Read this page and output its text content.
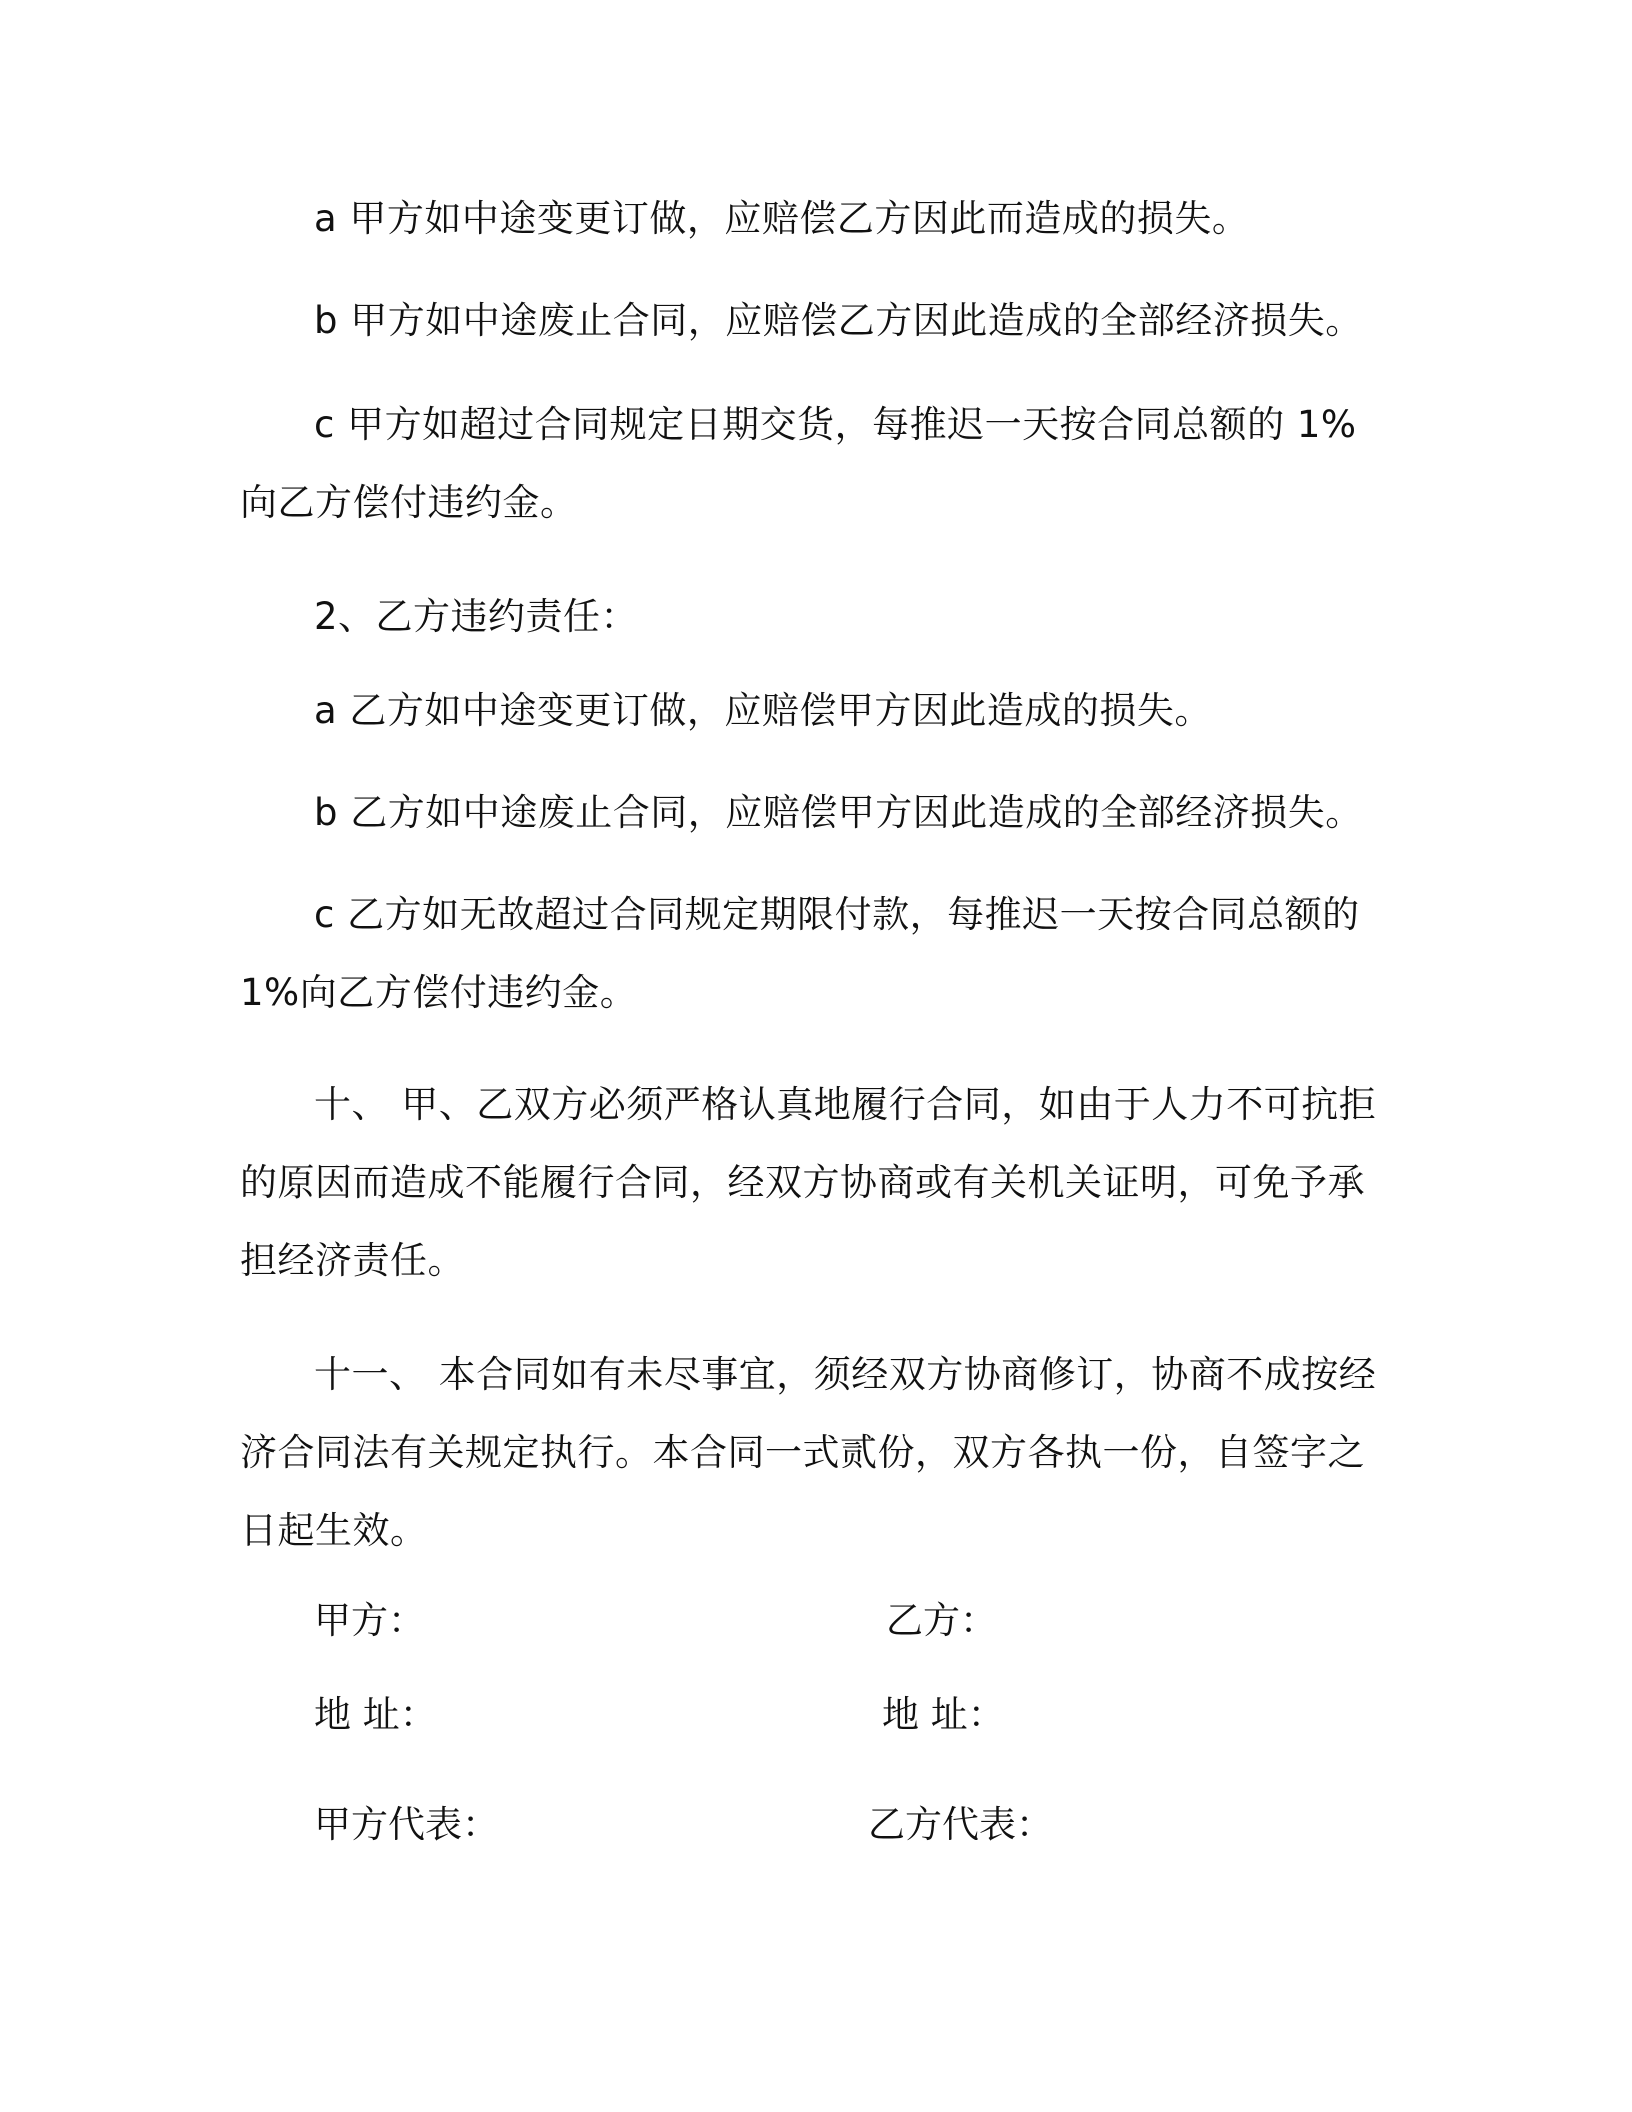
a 甲方如中途变更订做，应赔偿乙方因此而造成的损失。
b 甲方如中途废止合同，应赔偿乙方因此造成的全部经济损失。
c 甲方如超过合同规定日期交货，每推迟一天按合同总额的 1%向乙方偿付违约金。
2、乙方违约责任：
a 乙方如中途变更订做，应赔偿甲方因此造成的损失。
b 乙方如中途废止合同，应赔偿甲方因此造成的全部经济损失。
c 乙方如无故超过合同规定期限付款，每推迟一天按合同总额的 1%向乙方偿付违约金。
十、 甲、乙双方必须严格认真地履行合同，如由于人力不可抗拒的原因而造成不能履行合同，经双方协商或有关机关证明，可免予承担经济责任。
十一、 本合同如有未尽事宜，须经双方协商修订，协商不成按经济合同法有关规定执行。本合同一式贰份，双方各执一份，自签字之日起生效。
甲方：	乙方：
地 址：	地 址：
甲方代表：	乙方代表：
